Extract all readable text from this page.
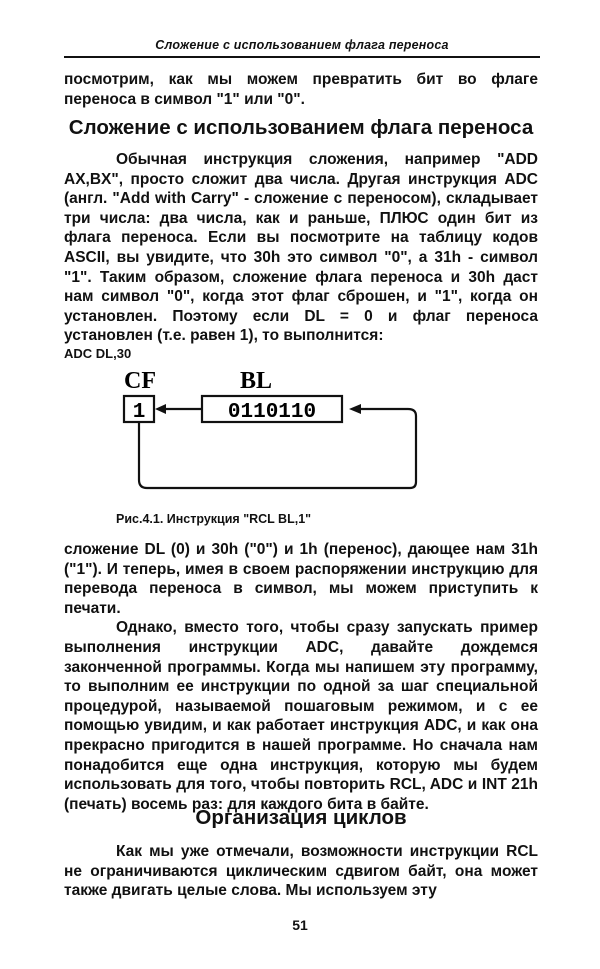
Сложение с использованием флага переноса

посмотрим, как мы можем превратить бит во флаге переноса в символ "1" или "0".

Сложение с использованием флага переноса

Обычная инструкция сложения, например "ADD AX,BX", просто сложит два числа. Другая инструкция ADC (англ. "Add with Carry" - сложение с переносом), складывает три числа: два числа, как и раньше, ПЛЮС один бит из флага переноса. Если вы посмотрите на таблицу кодов ASCII, вы увидите, что 30h это символ "0", а 31h - символ "1". Таким образом, сложение флага переноса и 30h даст нам символ "0", когда этот флаг сброшен, и "1", когда он установлен. Поэтому если DL = 0 и флаг переноса установлен (т.е. равен 1), то выполнится:

ADC DL,30
CF	BL
1	0110110
Рис.4.1. Инструкция "RCL BL,1"

сложение DL (0) и 30h ("0") и 1h (перенос), дающее нам 31h ("1"). И теперь, имея в своем распоряжении инструкцию для перевода переноса в символ, мы можем приступить к печати.

Однако, вместо того, чтобы сразу запускать пример выполнения инструкции ADC, давайте дождемся законченной программы. Когда мы напишем эту программу, то выполним ее инструкции по одной за шаг специальной процедурой, называемой пошаговым режимом, и с ее помощью увидим, и как работает инструкция ADC, и как она прекрасно пригодится в нашей программе. Но сначала нам понадобится еще одна инструкция, которую мы будем использовать для того, чтобы повторить RCL, ADC и INT 21h (печать) восемь раз: для каждого бита в байте.

Организация циклов

Как мы уже отмечали, возможности инструкции RCL не ограничиваются циклическим сдвигом байт, она может также двигать целые слова. Мы используем эту

51
